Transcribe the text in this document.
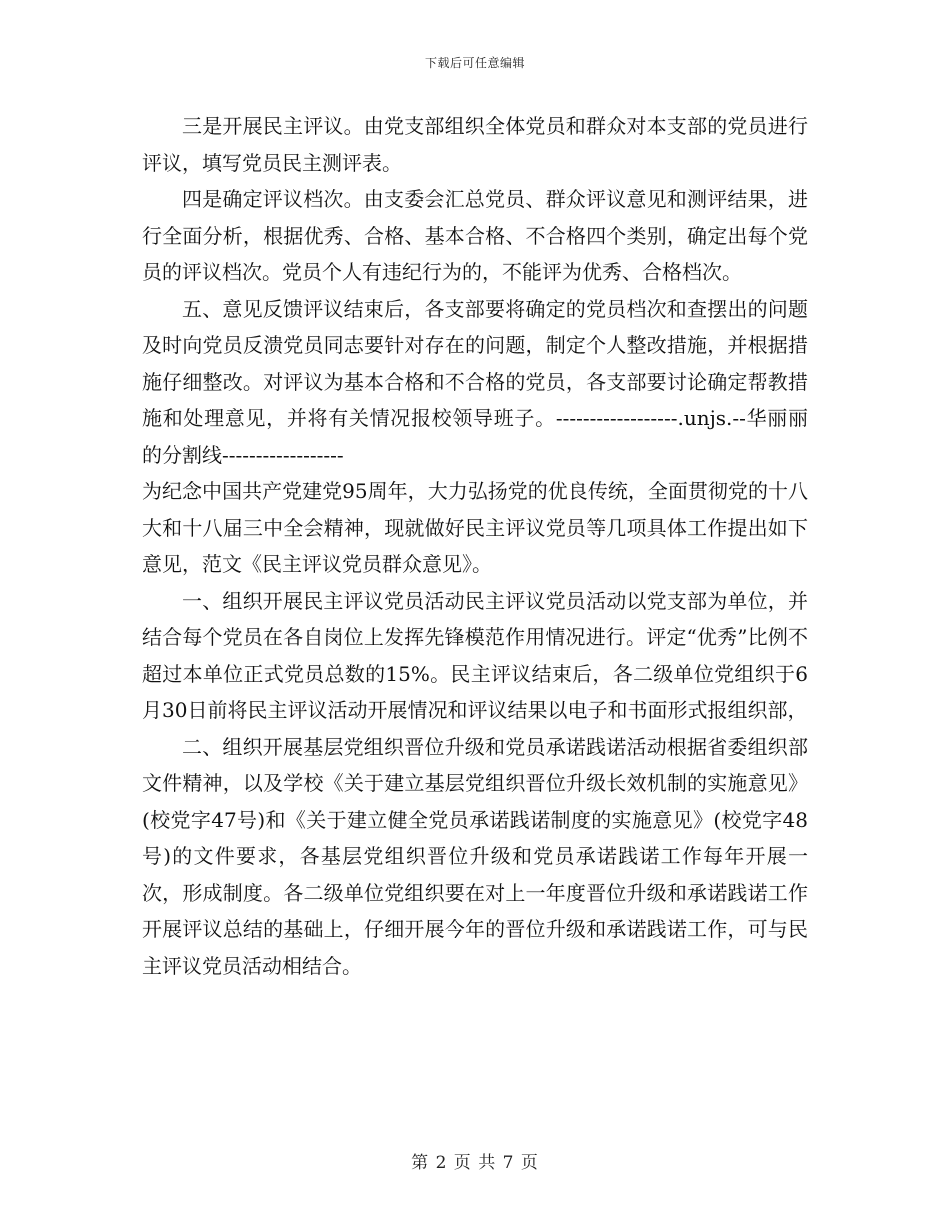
下载后可任意编辑

三是开展民主评议。由党支部组织全体党员和群众对本支部的党员进行评议，填写党员民主测评表。

四是确定评议档次。由支委会汇总党员、群众评议意见和测评结果，进行全面分析，根据优秀、合格、基本合格、不合格四个类别，确定出每个党员的评议档次。党员个人有违纪行为的，不能评为优秀、合格档次。

五、意见反馈评议结束后，各支部要将确定的党员档次和查摆出的问题及时向党员反溃党员同志要针对存在的问题，制定个人整改措施，并根据措施仔细整改。对评议为基本合格和不合格的党员，各支部要讨论确定帮教措施和处理意见，并将有关情况报校领导班子。------------------.unjs.--华丽丽的分割线------------------

为纪念中国共产党建党95周年，大力弘扬党的优良传统，全面贯彻党的十八大和十八届三中全会精神，现就做好民主评议党员等几项具体工作提出如下意见，范文《民主评议党员群众意见》。

一、组织开展民主评议党员活动民主评议党员活动以党支部为单位，并结合每个党员在各自岗位上发挥先锋模范作用情况进行。评定“优秀”比例不超过本单位正式党员总数的15%。民主评议结束后，各二级单位党组织于6月30日前将民主评议活动开展情况和评议结果以电子和书面形式报组织部，

二、组织开展基层党组织晋位升级和党员承诺践诺活动根据省委组织部文件精神，以及学校《关于建立基层党组织晋位升级长效机制的实施意见》(校党字47号)和《关于建立健全党员承诺践诺制度的实施意见》(校党字48号)的文件要求，各基层党组织晋位升级和党员承诺践诺工作每年开展一次，形成制度。各二级单位党组织要在对上一年度晋位升级和承诺践诺工作开展评议总结的基础上，仔细开展今年的晋位升级和承诺践诺工作，可与民主评议党员活动相结合。

第 2 页 共 7 页
